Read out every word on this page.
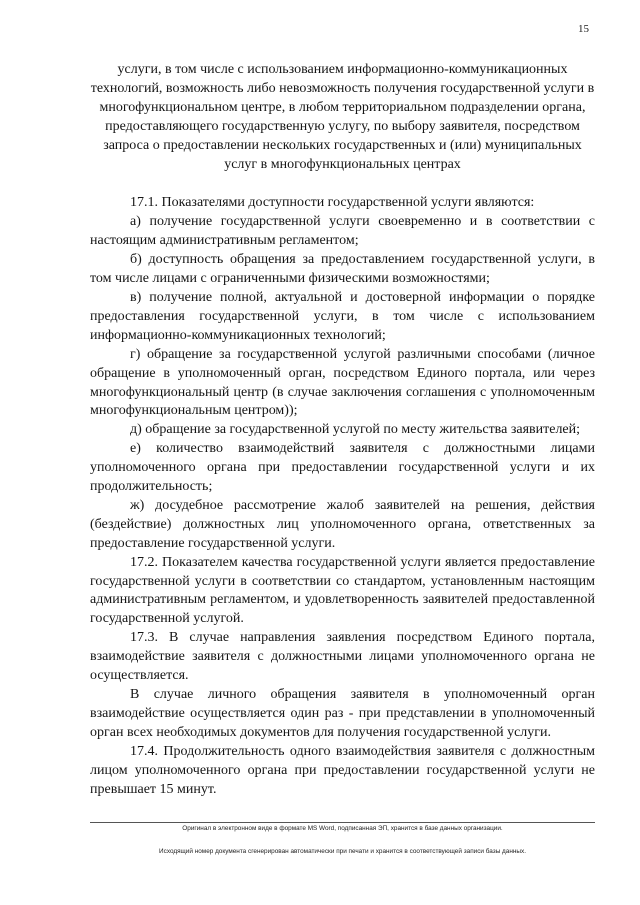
15

услуги, в том числе с использованием информационно-коммуникационных технологий, возможность либо невозможность получения государственной услуги в многофункциональном центре, в любом территориальном подразделении органа, предоставляющего государственную услугу, по выбору заявителя, посредством запроса о предоставлении нескольких государственных и (или) муниципальных услуг в многофункциональных центрах

17.1. Показателями доступности государственной услуги являются:

а) получение государственной услуги своевременно и в соответствии с настоящим административным регламентом;

б) доступность обращения за предоставлением государственной услуги, в том числе лицами с ограниченными физическими возможностями;

в) получение полной, актуальной и достоверной информации о порядке предоставления государственной услуги, в том числе с использованием информационно-коммуникационных технологий;

г) обращение за государственной услугой различными способами (личное обращение в уполномоченный орган, посредством Единого портала, или через многофункциональный центр (в случае заключения соглашения с уполномоченным многофункциональным центром));

д) обращение за государственной услугой по месту жительства заявителей;

е) количество взаимодействий заявителя с должностными лицами уполномоченного органа при предоставлении государственной услуги и их продолжительность;

ж) досудебное рассмотрение жалоб заявителей на решения, действия (бездействие) должностных лиц уполномоченного органа, ответственных за предоставление государственной услуги.

17.2. Показателем качества государственной услуги является предоставление государственной услуги в соответствии со стандартом, установленным настоящим административным регламентом, и удовлетворенность заявителей предоставленной государственной услугой.

17.3. В случае направления заявления посредством Единого портала, взаимодействие заявителя с должностными лицами уполномоченного органа не осуществляется.

В случае личного обращения заявителя в уполномоченный орган взаимодействие осуществляется один раз - при представлении в уполномоченный орган всех необходимых документов для получения государственной услуги.

17.4. Продолжительность одного взаимодействия заявителя с должностным лицом уполномоченного органа при предоставлении государственной услуги не превышает 15 минут.

Оригинал в электронном виде в формате MS Word, подписанная ЭП, хранится в базе данных организации.
Исходящий номер документа сгенерирован автоматически при печати и хранится в соответствующей записи базы данных.
